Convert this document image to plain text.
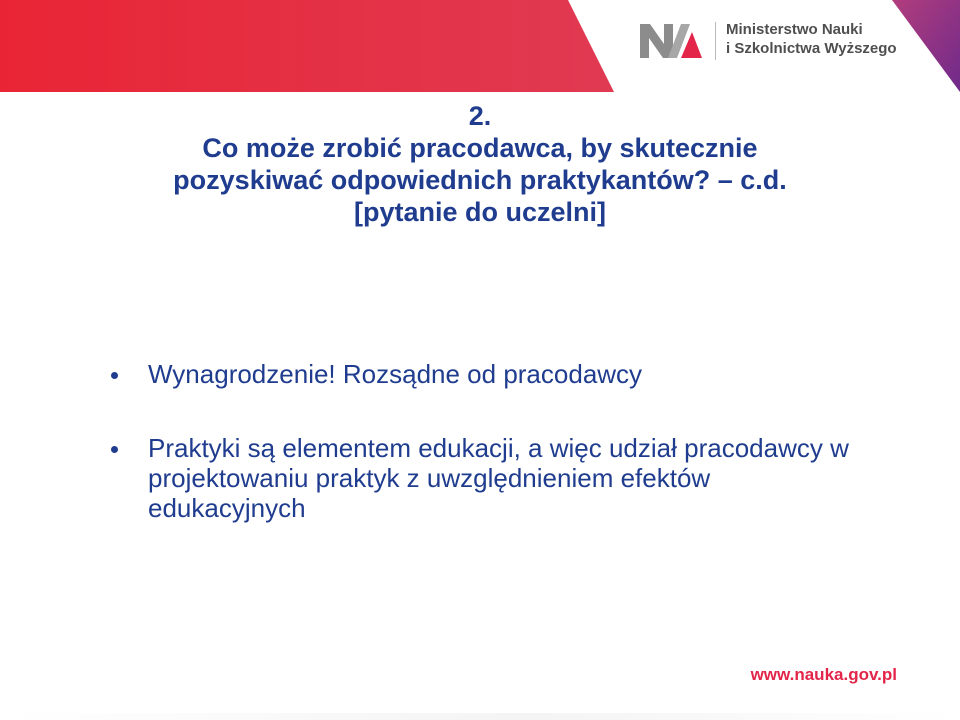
Ministerstwo Nauki
i Szkolnictwa Wyższego
2.
Co może zrobić pracodawca, by skutecznie
pozyskiwać odpowiednich praktykantów? – c.d.
[pytanie do uczelni]
Wynagrodzenie! Rozsądne od pracodawcy
Praktyki są elementem edukacji, a więc udział pracodawcy w projektowaniu praktyk z uwzględnieniem efektów edukacyjnych
www.nauka.gov.pl
